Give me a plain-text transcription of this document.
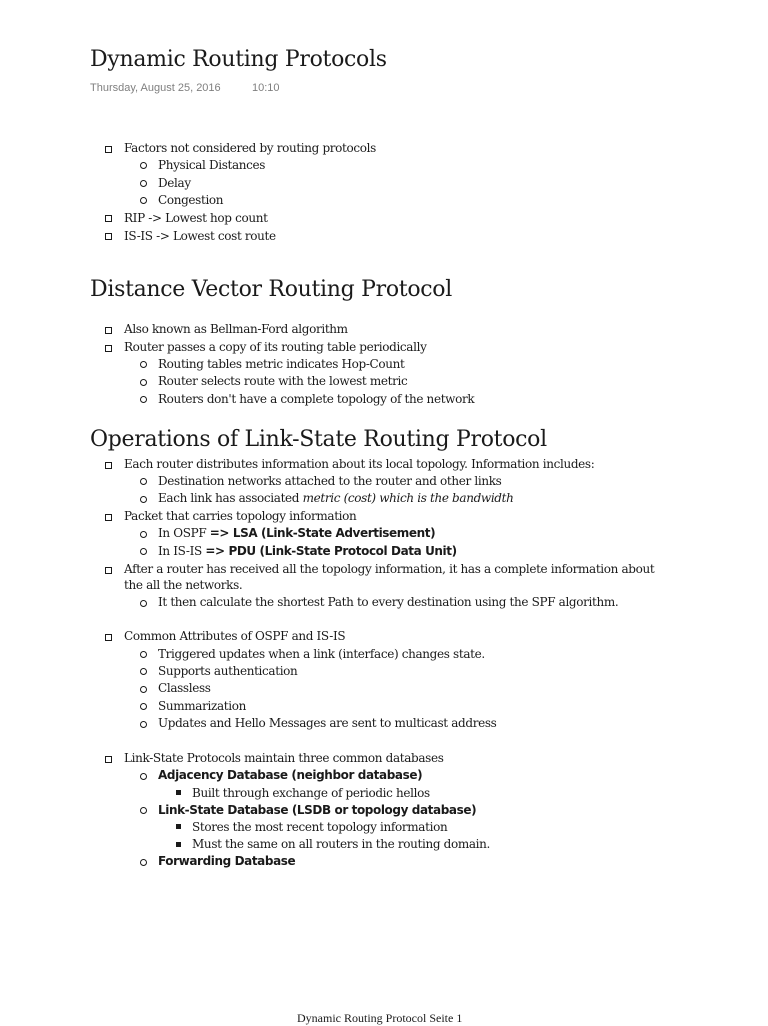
Dynamic Routing Protocols
Thursday, August 25, 2016	10:10
Factors not considered by routing protocols
Physical Distances
Delay
Congestion
RIP -> Lowest hop count
IS-IS -> Lowest cost route
Distance Vector Routing Protocol
Also known as Bellman-Ford algorithm
Router passes a copy of its routing table periodically
Routing tables metric indicates Hop-Count
Router selects route with the lowest metric
Routers don't have a complete topology of the network
Operations of Link-State Routing Protocol
Each router distributes information about its local topology. Information includes:
Destination networks attached to the router and other links
Each link has associated metric (cost) which is the bandwidth
Packet that carries topology information
In OSPF => LSA (Link-State Advertisement)
In IS-IS => PDU (Link-State Protocol Data Unit)
After a router has received all the topology information, it has a complete information about
the all the networks.
It then calculate the shortest Path to every destination using the SPF algorithm.
Common Attributes of OSPF and IS-IS
Triggered updates when a link (interface) changes state.
Supports authentication
Classless
Summarization
Updates and Hello Messages are sent to multicast address
Link-State Protocols maintain three common databases
Adjacency Database (neighbor database)
Built through exchange of periodic hellos
Link-State Database (LSDB or topology database)
Stores the most recent topology information
Must the same on all routers in the routing domain.
Forwarding Database
Dynamic Routing Protocol Seite 1
